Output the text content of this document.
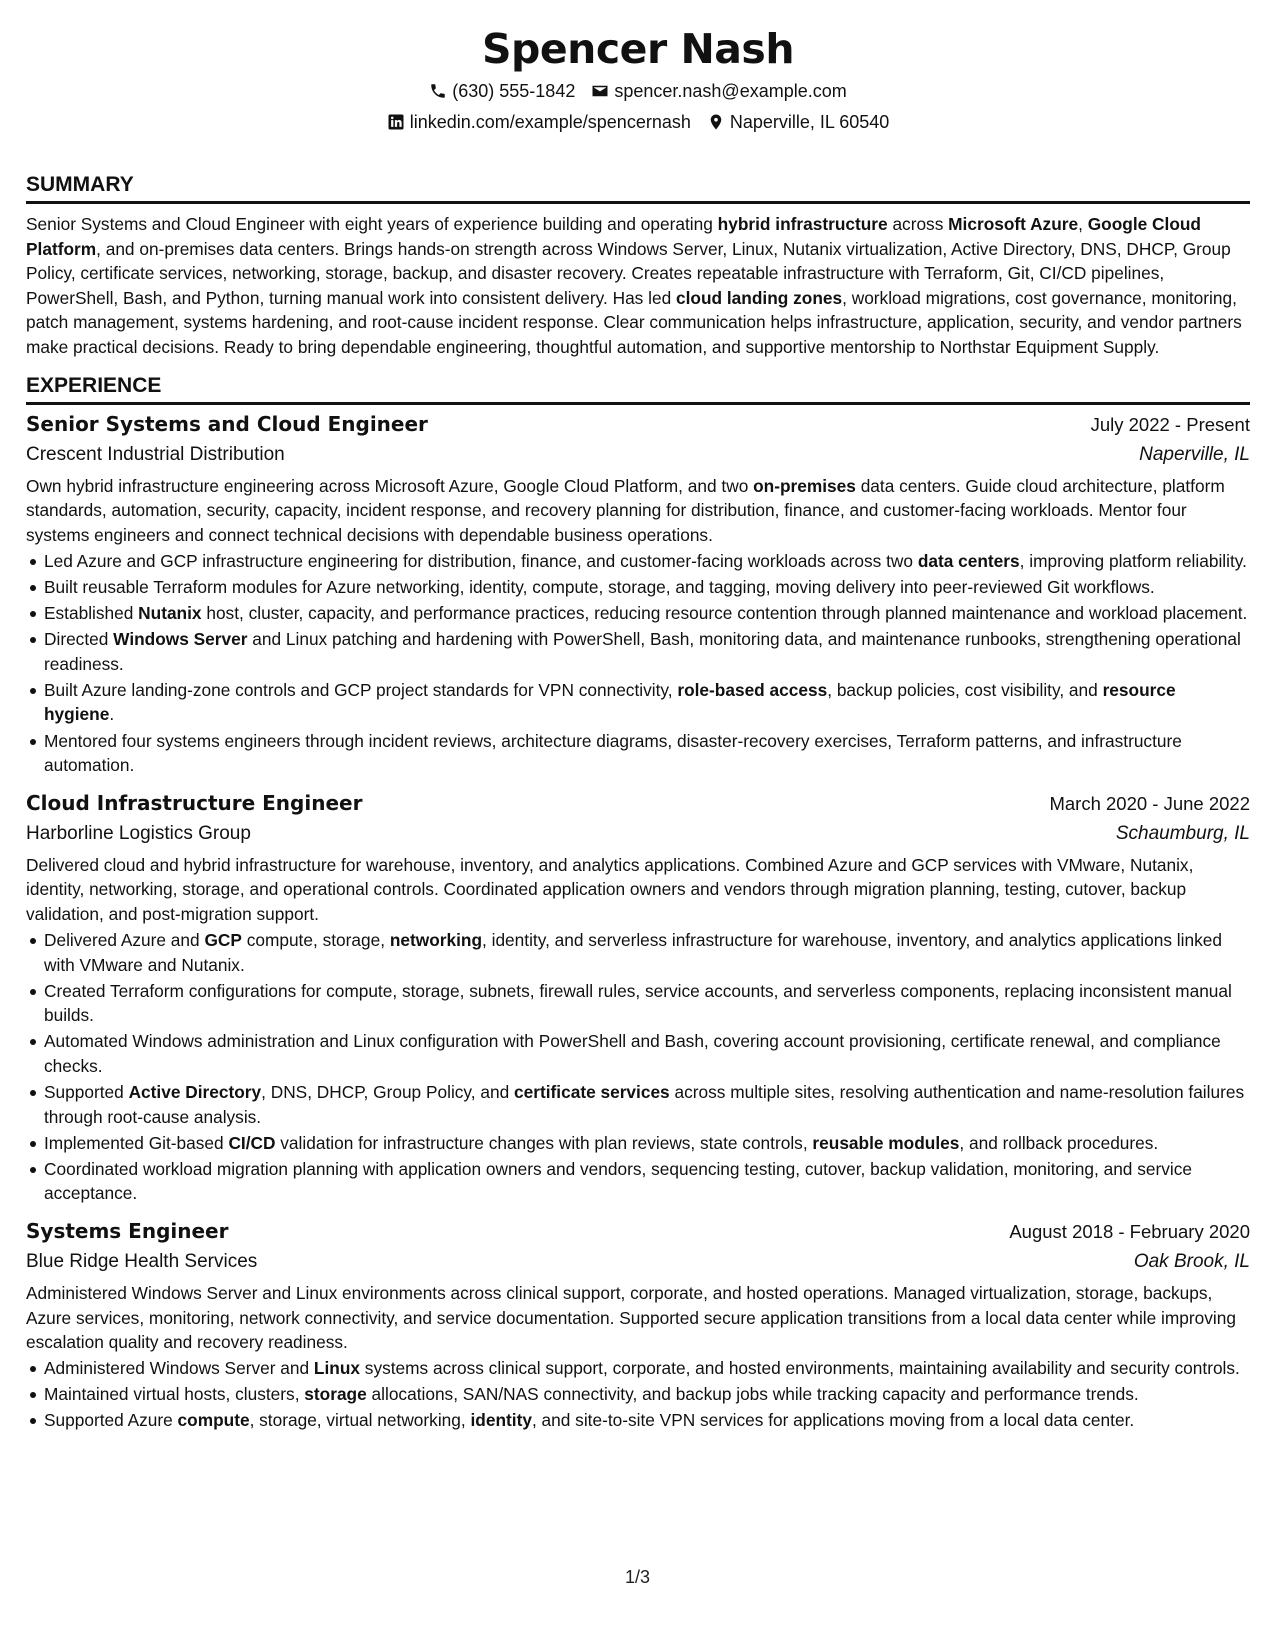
Spencer Nash
(630) 555-1842 spencer.nash@example.com
linkedin.com/example/spencernash Naperville, IL 60540
SUMMARY

Senior Systems and Cloud Engineer with eight years of experience building and operating hybrid infrastructure across Microsoft Azure, Google Cloud Platform, and on-premises data centers. Brings hands-on strength across Windows Server, Linux, Nutanix virtualization, Active Directory, DNS, DHCP, Group Policy, certificate services, networking, storage, backup, and disaster recovery. Creates repeatable infrastructure with Terraform, Git, CI/CD pipelines, PowerShell, Bash, and Python, turning manual work into consistent delivery. Has led cloud landing zones, workload migrations, cost governance, monitoring, patch management, systems hardening, and root-cause incident response. Clear communication helps infrastructure, application, security, and vendor partners make practical decisions. Ready to bring dependable engineering, thoughtful automation, and supportive mentorship to Northstar Equipment Supply.

EXPERIENCE
Senior Systems and Cloud Engineer	July 2022 - Present
Crescent Industrial Distribution	Naperville, IL

Own hybrid infrastructure engineering across Microsoft Azure, Google Cloud Platform, and two on-premises data centers. Guide cloud architecture, platform standards, automation, security, capacity, incident response, and recovery planning for distribution, finance, and customer-facing workloads. Mentor four systems engineers and connect technical decisions with dependable business operations.

Led Azure and GCP infrastructure engineering for distribution, finance, and customer-facing workloads across two data centers, improving platform reliability.
Built reusable Terraform modules for Azure networking, identity, compute, storage, and tagging, moving delivery into peer-reviewed Git workflows.
Established Nutanix host, cluster, capacity, and performance practices, reducing resource contention through planned maintenance and workload placement.
Directed Windows Server and Linux patching and hardening with PowerShell, Bash, monitoring data, and maintenance runbooks, strengthening operational readiness.
Built Azure landing-zone controls and GCP project standards for VPN connectivity, role-based access, backup policies, cost visibility, and resource hygiene.
Mentored four systems engineers through incident reviews, architecture diagrams, disaster-recovery exercises, Terraform patterns, and infrastructure automation.
Cloud Infrastructure Engineer	March 2020 - June 2022
Harborline Logistics Group	Schaumburg, IL

Delivered cloud and hybrid infrastructure for warehouse, inventory, and analytics applications. Combined Azure and GCP services with VMware, Nutanix, identity, networking, storage, and operational controls. Coordinated application owners and vendors through migration planning, testing, cutover, backup validation, and post-migration support.

Delivered Azure and GCP compute, storage, networking, identity, and serverless infrastructure for warehouse, inventory, and analytics applications linked with VMware and Nutanix.
Created Terraform configurations for compute, storage, subnets, firewall rules, service accounts, and serverless components, replacing inconsistent manual builds.
Automated Windows administration and Linux configuration with PowerShell and Bash, covering account provisioning, certificate renewal, and compliance checks.
Supported Active Directory, DNS, DHCP, Group Policy, and certificate services across multiple sites, resolving authentication and name-resolution failures through root-cause analysis.
Implemented Git-based CI/CD validation for infrastructure changes with plan reviews, state controls, reusable modules, and rollback procedures.
Coordinated workload migration planning with application owners and vendors, sequencing testing, cutover, backup validation, monitoring, and service acceptance.
Systems Engineer	August 2018 - February 2020
Blue Ridge Health Services	Oak Brook, IL

Administered Windows Server and Linux environments across clinical support, corporate, and hosted operations. Managed virtualization, storage, backups, Azure services, monitoring, network connectivity, and service documentation. Supported secure application transitions from a local data center while improving escalation quality and recovery readiness.

Administered Windows Server and Linux systems across clinical support, corporate, and hosted environments, maintaining availability and security controls.
Maintained virtual hosts, clusters, storage allocations, SAN/NAS connectivity, and backup jobs while tracking capacity and performance trends.
Supported Azure compute, storage, virtual networking, identity, and site-to-site VPN services for applications moving from a local data center.
1/3
